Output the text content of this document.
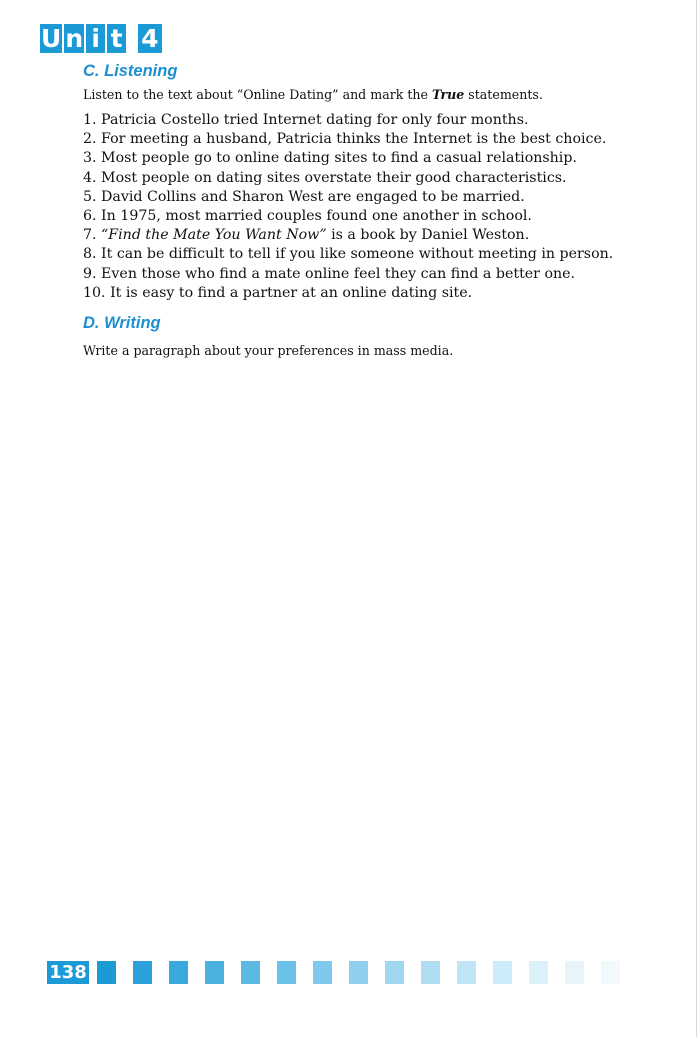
U n i t 4
C. Listening

Listen to the text about “Online Dating” and mark the True statements.

1. Patricia Costello tried Internet dating for only four months.
2. For meeting a husband, Patricia thinks the Internet is the best choice.
3. Most people go to online dating sites to find a casual relationship.
4. Most people on dating sites overstate their good characteristics.
5. David Collins and Sharon West are engaged to be married.
6. In 1975, most married couples found one another in school.
7. “Find the Mate You Want Now” is a book by Daniel Weston.
8. It can be difficult to tell if you like someone without meeting in person.
9. Even those who find a mate online feel they can find a better one.
10. It is easy to find a partner at an online dating site.
D. Writing

Write a paragraph about your preferences in mass media.

138
